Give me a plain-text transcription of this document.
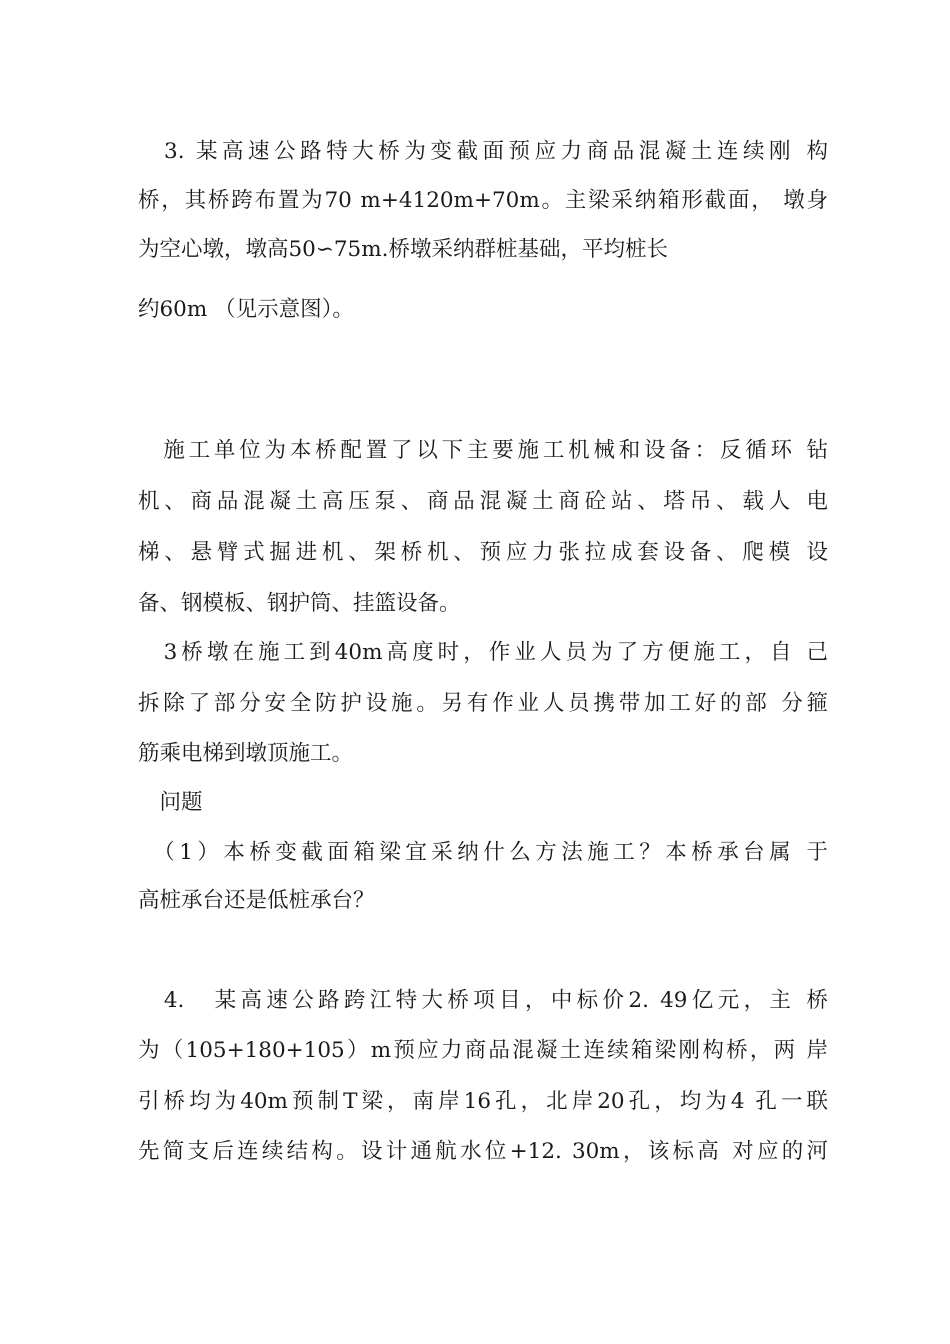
　3. 某高速公路特大桥为变截面预应力商品混凝土连续刚 构
桥，其桥跨布置为70 m+4120m+70m。主梁采纳箱形截面， 墩身
为空心墩，墩高50∽75m.桥墩采纳群桩基础，平均桩长
约60m （见示意图）。
　施工单位为本桥配置了以下主要施工机械和设备：反循环 钻
机、商品混凝土高压泵、商品混凝土商砼站、塔吊、载人 电
梯、悬臂式掘进机、架桥机、预应力张拉成套设备、爬模 设
备、钢模板、钢护筒、挂篮设备。
　3桥墩在施工到40m高度时，作业人员为了方便施工，自 己
拆除了部分安全防护设施。另有作业人员携带加工好的部 分箍
筋乘电梯到墩顶施工。
　问题
　（1）本桥变截面箱梁宜采纳什么方法施工？本桥承台属 于
高桩承台还是低桩承台？
　4.　某高速公路跨江特大桥项目，中标价2. 49亿元，主 桥
为（105+180+105）m预应力商品混凝土连续箱梁刚构桥，两 岸
引桥均为40m预制T梁，南岸16孔，北岸20孔，均为4 孔一联
先简支后连续结构。设计通航水位+12. 30m，该标高 对应的河
